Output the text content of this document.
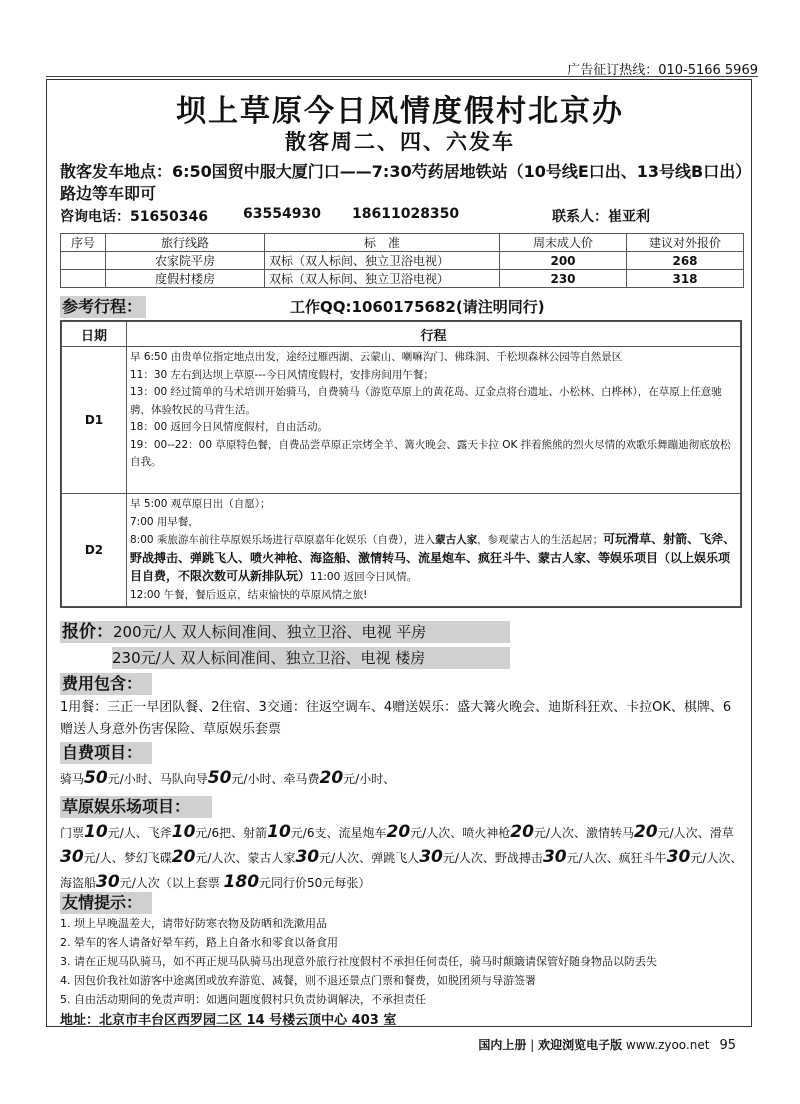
广告征订热线：010-5166 5969
坝上草原今日风情度假村北京办
散客周二、四、六发车
散客发车地点：6:50国贸中服大厦门口——7:30芍药居地铁站（10号线E口出、13号线B口出）路边等车即可
咨询电话：51650346	63554930 18611028350	联系人：崔亚利
序号	旅行线路	标　准	周末成人价	建议对外报价
	农家院平房	双标（双人标间、独立卫浴电视）	200	268
	度假村楼房	双标（双人标间、独立卫浴电视）	230	318
参考行程：	工作QQ:1060175682(请注明同行)
日期	行程
D1	早 6:50 由贵单位指定地点出发，途经过雁西湖、云蒙山、喇嘛沟门、佛珠洞、千松坝森林公园等自然景区
11：30 左右到达坝上草原---今日风情度假村，安排房间用午餐；
13：00 经过简单的马术培训开始骑马，自费骑马（游览草原上的黄花岛、辽金点将台遗址、小松林、白桦林），在草原上任意驰骋，体验牧民的马背生活。
18：00 返回今日风情度假村，自由活动。
19：00--22：00 草原特色餐，自费品尝草原正宗烤全羊、篝火晚会、露天卡拉 OK 拌着熊熊的烈火尽情的欢歌乐舞蹦迪彻底放松自我。

D2	早 5:00 观草原日出（自愿）；
7:00 用早餐，
8:00 乘旅游车前往草原娱乐场进行草原嘉年化娱乐（自费），进入蒙古人家，参观蒙古人的生活起居；可玩滑草、射箭、飞斧、野战搏击、弹跳飞人、喷火神枪、海盗船、激情转马、流星炮车、疯狂斗牛、蒙古人家、等娱乐项目（以上娱乐项目自费，不限次数可从新排队玩）11:00 返回今日风情。
12:00 午餐，餐后返京，结束愉快的草原风情之旅!
报价：200元/人 双人标间准间、独立卫浴、电视 平房
230元/人 双人标间准间、独立卫浴、电视 楼房
费用包含：
1用餐：三正一早团队餐、2住宿、3交通：往返空调车、4赠送娱乐：盛大篝火晚会、迪斯科狂欢、卡拉OK、棋牌、6赠送人身意外伤害保险、草原娱乐套票
自费项目：
骑马50元/小时、马队向导50元/小时、牵马费20元/小时、
草原娱乐场项目：
门票10元/人、飞斧10元/6把、射箭10元/6支、流星炮车20元/人次、喷火神枪20元/人次、激情转马20元/人次、滑草30元/人、梦幻飞碟20元/人次、蒙古人家30元/人次、弹跳飞人30元/人次、野战搏击30元/人次、疯狂斗牛30元/人次、海盗船30元/人次（以上套票 180元同行价50元每张）
友情提示：
1. 坝上早晚温差大，请带好防寒衣物及防晒和洗漱用品
2. 晕车的客人请备好晕车药，路上自备水和零食以备食用
3. 请在正规马队骑马，如不再正规马队骑马出现意外旅行社度假村不承担任何责任，骑马时颠簸请保管好随身物品以防丢失
4. 因包价我社如游客中途离团或放弃游览、减餐，则不退还景点门票和餐费，如脱团须与导游签署
5. 自由活动期间的免责声明：如遇问题度假村只负责协调解决，不承担责任
地址：北京市丰台区西罗园二区 14 号楼云顶中心 403 室
国内上册 | 欢迎浏览电子版 www.zyoo.net 95
